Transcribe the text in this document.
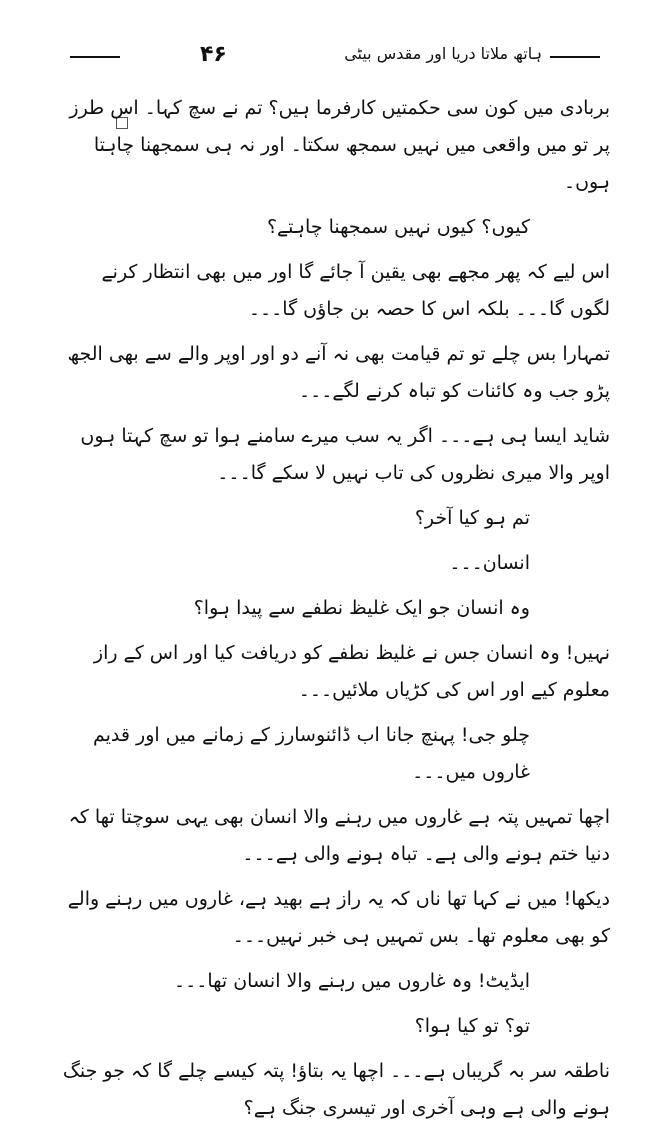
۴۶	ہاتھ ملاتا دریا اور مقدس بیٹی

بربادی میں کون سی حکمتیں کارفرما ہیں؟ تم نے سچ کہا۔ اس طرز پر تو میں واقعی میں نہیں سمجھ سکتا۔ اور نہ ہی سمجھنا چاہتا ہوں۔

کیوں؟ کیوں نہیں سمجھنا چاہتے؟

اس لیے کہ پھر مجھے بھی یقین آ جائے گا اور میں بھی انتظار کرنے لگوں گا۔۔۔ بلکہ اس کا حصہ بن جاؤں گا۔۔۔

تمہارا بس چلے تو تم قیامت بھی نہ آنے دو اور اوپر والے سے بھی الجھ پڑو جب وہ کائنات کو تباہ کرنے لگے۔۔۔

شاید ایسا ہی ہے۔۔۔ اگر یہ سب میرے سامنے ہوا تو سچ کہتا ہوں اوپر والا میری نظروں کی تاب نہیں لا سکے گا۔۔۔

تم ہو کیا آخر؟

انسان۔۔۔

وہ انسان جو ایک غلیظ نطفے سے پیدا ہوا؟

نہیں! وہ انسان جس نے غلیظ نطفے کو دریافت کیا اور اس کے راز معلوم کیے اور اس کی کڑیاں ملائیں۔۔۔

چلو جی! پہنچ جانا اب ڈائنوسارز کے زمانے میں اور قدیم غاروں میں۔۔۔

اچھا تمہیں پتہ ہے غاروں میں رہنے والا انسان بھی یہی سوچتا تھا کہ دنیا ختم ہونے والی ہے۔ تباہ ہونے والی ہے۔۔۔

دیکھا! میں نے کہا تھا ناں کہ یہ راز ہے بھید ہے، غاروں میں رہنے والے کو بھی معلوم تھا۔ بس تمہیں ہی خبر نہیں۔۔۔

ایڈیٹ! وہ غاروں میں رہنے والا انسان تھا۔۔۔

تو؟ تو کیا ہوا؟

ناطقہ سر بہ گریباں ہے۔۔۔ اچھا یہ بتاؤ! پتہ کیسے چلے گا کہ جو جنگ ہونے والی ہے وہی آخری اور تیسری جنگ ہے؟
